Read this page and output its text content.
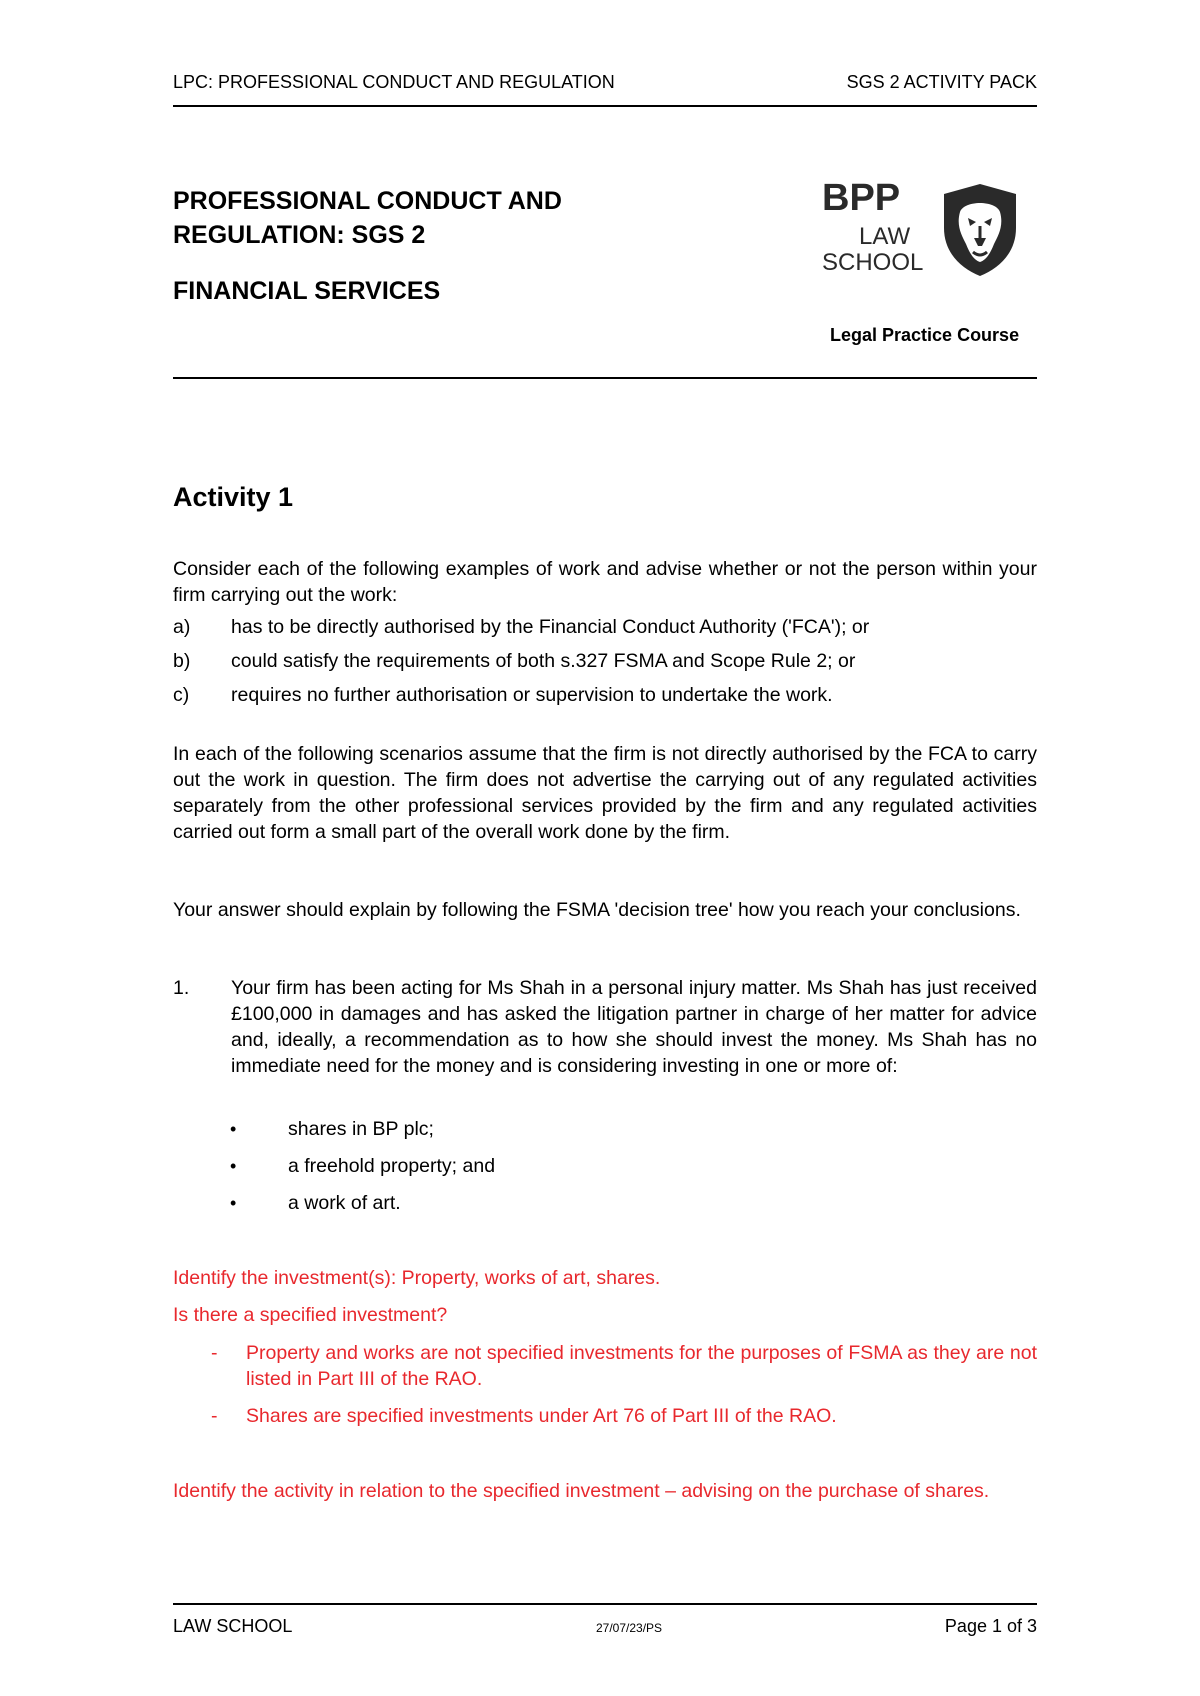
LPC: PROFESSIONAL CONDUCT AND REGULATION	SGS 2 ACTIVITY PACK
PROFESSIONAL CONDUCT AND
REGULATION: SGS 2
FINANCIAL SERVICES
BPP
LAW
SCHOOL
Legal Practice Course
Activity 1
Consider each of the following examples of work and advise whether or not the person within your firm carrying out the work:
a) has to be directly authorised by the Financial Conduct Authority ('FCA'); or
b) could satisfy the requirements of both s.327 FSMA and Scope Rule 2; or
c) requires no further authorisation or supervision to undertake the work.
In each of the following scenarios assume that the firm is not directly authorised by the FCA to carry out the work in question. The firm does not advertise the carrying out of any regulated activities separately from the other professional services provided by the firm and any regulated activities carried out form a small part of the overall work done by the firm.
Your answer should explain by following the FSMA 'decision tree' how you reach your conclusions.
1. Your firm has been acting for Ms Shah in a personal injury matter. Ms Shah has just received £100,000 in damages and has asked the litigation partner in charge of her matter for advice and, ideally, a recommendation as to how she should invest the money. Ms Shah has no immediate need for the money and is considering investing in one or more of:
•	shares in BP plc;
•	a freehold property; and
•	a work of art.
Identify the investment(s): Property, works of art, shares.
Is there a specified investment?
- Property and works are not specified investments for the purposes of FSMA as they are not listed in Part III of the RAO.
- Shares are specified investments under Art 76 of Part III of the RAO.
Identify the activity in relation to the specified investment – advising on the purchase of shares.
LAW SCHOOL	27/07/23/PS	Page 1 of 3
